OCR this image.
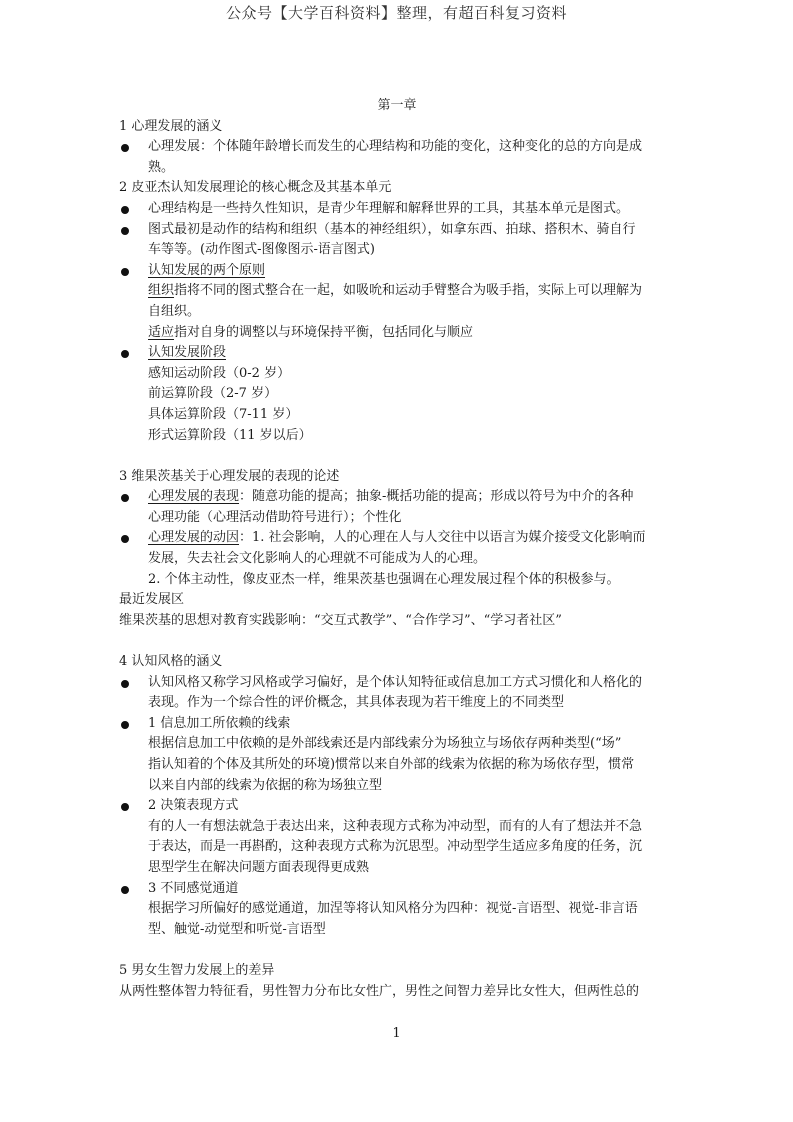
公众号【大学百科资料】整理，有超百科复习资料
第一章
1 心理发展的涵义
心理发展：个体随年龄增长而发生的心理结构和功能的变化，这种变化的总的方向是成
熟。
2 皮亚杰认知发展理论的核心概念及其基本单元
心理结构是一些持久性知识，是青少年理解和解释世界的工具，其基本单元是图式。
图式最初是动作的结构和组织（基本的神经组织），如拿东西、拍球、搭积木、骑自行
车等等。(动作图式-图像图示-语言图式)
认知发展的两个原则
组织指将不同的图式整合在一起，如吸吮和运动手臂整合为吸手指，实际上可以理解为
自组织。
适应指对自身的调整以与环境保持平衡，包括同化与顺应
认知发展阶段
感知运动阶段（0-2 岁）
前运算阶段（2-7 岁）
具体运算阶段（7-11 岁）
形式运算阶段（11 岁以后）
3 维果茨基关于心理发展的表现的论述
心理发展的表现：随意功能的提高；抽象-概括功能的提高；形成以符号为中介的各种
心理功能（心理活动借助符号进行）；个性化
心理发展的动因：1. 社会影响，人的心理在人与人交往中以语言为媒介接受文化影响而
发展，失去社会文化影响人的心理就不可能成为人的心理。
2. 个体主动性，像皮亚杰一样，维果茨基也强调在心理发展过程个体的积极参与。
最近发展区
维果茨基的思想对教育实践影响：“交互式教学”、“合作学习”、“学习者社区”
4 认知风格的涵义
认知风格又称学习风格或学习偏好，是个体认知特征或信息加工方式习惯化和人格化的
表现。作为一个综合性的评价概念，其具体表现为若干维度上的不同类型
1 信息加工所依赖的线索
根据信息加工中依赖的是外部线索还是内部线索分为场独立与场依存两种类型(“场”
指认知着的个体及其所处的环境)惯常以来自外部的线索为依据的称为场依存型，惯常
以来自内部的线索为依据的称为场独立型
2 决策表现方式
有的人一有想法就急于表达出来，这种表现方式称为冲动型，而有的人有了想法并不急
于表达，而是一再斟酌，这种表现方式称为沉思型。冲动型学生适应多角度的任务，沉
思型学生在解决问题方面表现得更成熟
3 不同感觉通道
根据学习所偏好的感觉通道，加涅等将认知风格分为四种：视觉-言语型、视觉-非言语
型、触觉-动觉型和听觉-言语型
5 男女生智力发展上的差异
从两性整体智力特征看，男性智力分布比女性广，男性之间智力差异比女性大，但两性总的
1
